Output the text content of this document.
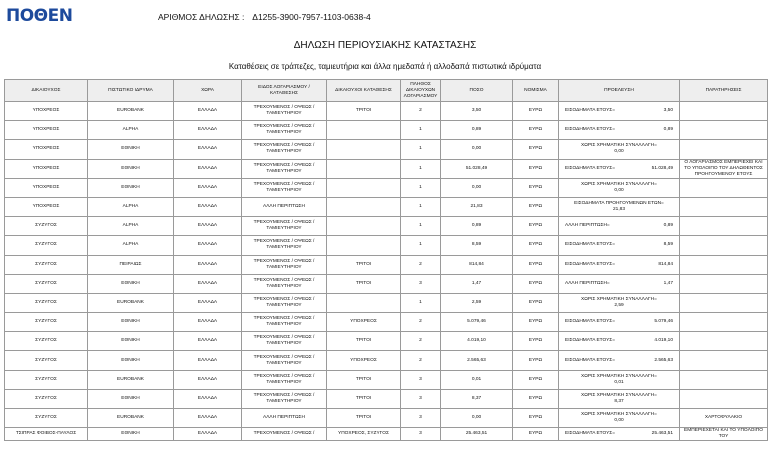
ΠΟΘΕΝ	ΑΡΙΘΜΟΣ ΔΗΛΩΣΗΣ : Δ1255-3900-7957-1103-0638-4
ΔΗΛΩΣΗ ΠΕΡΙΟΥΣΙΑΚΗΣ ΚΑΤΑΣΤΑΣΗΣ
Καταθέσεις σε τράπεζες, ταμιευτήρια και άλλα ημεδαπά ή αλλοδαπά πιστωτικά ιδρύματα
ΔΙΚΑΙΟΥΧΟΣ	ΠΙΣΤΩΤΙΚΟ ΙΔΡΥΜΑ	ΧΩΡΑ	ΕΙΔΟΣ ΛΟΓΑΡΙΑΣΜΟΥ / ΚΑΤΑΘΕΣΗΣ	ΔΙΚΑΙΟΥΧΟΙ ΚΑΤΑΘΕΣΗΣ	ΠΛΗΘΟΣ ΔΙΚΑΙΟΥΧΩΝ ΛΟΓΑΡΙΑΣΜΟΥ	ΠΟΣΟ	ΝΟΜΙΣΜΑ	ΠΡΟΕΛΕΥΣΗ	ΠΑΡΑΤΗΡΗΣΕΙΣ
ΥΠΟΧΡΕΟΣ	EUROBANK	ΕΛΛΑΔΑ	ΤΡΕΧΟΥΜΕΝΟΣ / ΟΨΕΩΣ / ΤΑΜΙΕΥΤΗΡΙΟΥ	ΤΡΙΤΟΙ	2	3,50	ΕΥΡΩ	ΕΙΣΟΔΗΜΑΤΑ ΕΤΟΥΣ= 3,50	

ΥΠΟΧΡΕΟΣ	ALPHA	ΕΛΛΑΔΑ	ΤΡΕΧΟΥΜΕΝΟΣ / ΟΨΕΩΣ / ΤΑΜΙΕΥΤΗΡΙΟΥ		1	0,89	ΕΥΡΩ	ΕΙΣΟΔΗΜΑΤΑ ΕΤΟΥΣ= 0,89	

ΥΠΟΧΡΕΟΣ	ΕΘΝΙΚΗ	ΕΛΛΑΔΑ	ΤΡΕΧΟΥΜΕΝΟΣ / ΟΨΕΩΣ / ΤΑΜΙΕΥΤΗΡΙΟΥ		1	0,00	ΕΥΡΩ	ΧΩΡΙΣ ΧΡΗΜΑΤΙΚΗ ΣΥΝΑΛΛΑΓΗ=
0,00	

ΥΠΟΧΡΕΟΣ	ΕΘΝΙΚΗ	ΕΛΛΑΔΑ	ΤΡΕΧΟΥΜΕΝΟΣ / ΟΨΕΩΣ / ΤΑΜΙΕΥΤΗΡΙΟΥ		1	51.028,49	ΕΥΡΩ	ΕΙΣΟΔΗΜΑΤΑ ΕΤΟΥΣ= 51.028,49	Ο ΛΟΓΑΡΙΑΣΜΟΣ ΕΜΠΕΡΙΕΧΕΙ ΚΑΙ ΤΟ ΥΠΟΛΟΙΠΟ ΤΟΥ ΔΗΛΩΘΕΝΤΟΣ ΠΡΟΗΓΟΥΜΕΝΟΥ ΕΤΟΥΣ
ΥΠΟΧΡΕΟΣ	ΕΘΝΙΚΗ	ΕΛΛΑΔΑ	ΤΡΕΧΟΥΜΕΝΟΣ / ΟΨΕΩΣ / ΤΑΜΙΕΥΤΗΡΙΟΥ		1	0,00	ΕΥΡΩ	ΧΩΡΙΣ ΧΡΗΜΑΤΙΚΗ ΣΥΝΑΛΛΑΓΗ=
0,00	

ΥΠΟΧΡΕΟΣ	ALPHA	ΕΛΛΑΔΑ	ΑΛΛΗ ΠΕΡΙΠΤΩΣΗ		1	21,83	ΕΥΡΩ	ΕΙΣΟΔΗΜΑΤΑ ΠΡΟΗΓΟΥΜΕΝΩΝ ΕΤΩΝ=
21,83	

ΣΥΖΥΓΟΣ	ALPHA	ΕΛΛΑΔΑ	ΤΡΕΧΟΥΜΕΝΟΣ / ΟΨΕΩΣ / ΤΑΜΙΕΥΤΗΡΙΟΥ		1	0,89	ΕΥΡΩ	ΑΛΛΗ ΠΕΡΙΠΤΩΣΗ= 0,89	

ΣΥΖΥΓΟΣ	ALPHA	ΕΛΛΑΔΑ	ΤΡΕΧΟΥΜΕΝΟΣ / ΟΨΕΩΣ / ΤΑΜΙΕΥΤΗΡΙΟΥ		1	8,59	ΕΥΡΩ	ΕΙΣΟΔΗΜΑΤΑ ΕΤΟΥΣ= 8,59	

ΣΥΖΥΓΟΣ	ΠΕΙΡΑΙΩΣ	ΕΛΛΑΔΑ	ΤΡΕΧΟΥΜΕΝΟΣ / ΟΨΕΩΣ / ΤΑΜΙΕΥΤΗΡΙΟΥ	ΤΡΙΤΟΙ	2	814,84	ΕΥΡΩ	ΕΙΣΟΔΗΜΑΤΑ ΕΤΟΥΣ= 814,84	

ΣΥΖΥΓΟΣ	ΕΘΝΙΚΗ	ΕΛΛΑΔΑ	ΤΡΕΧΟΥΜΕΝΟΣ / ΟΨΕΩΣ / ΤΑΜΙΕΥΤΗΡΙΟΥ	ΤΡΙΤΟΙ	3	1,47	ΕΥΡΩ	ΑΛΛΗ ΠΕΡΙΠΤΩΣΗ= 1,47	

ΣΥΖΥΓΟΣ	EUROBANK	ΕΛΛΑΔΑ	ΤΡΕΧΟΥΜΕΝΟΣ / ΟΨΕΩΣ / ΤΑΜΙΕΥΤΗΡΙΟΥ		1	2,59	ΕΥΡΩ	ΧΩΡΙΣ ΧΡΗΜΑΤΙΚΗ ΣΥΝΑΛΛΑΓΗ=
2,59	

ΣΥΖΥΓΟΣ	ΕΘΝΙΚΗ	ΕΛΛΑΔΑ	ΤΡΕΧΟΥΜΕΝΟΣ / ΟΨΕΩΣ / ΤΑΜΙΕΥΤΗΡΙΟΥ	ΥΠΟΧΡΕΟΣ	2	5.079,46	ΕΥΡΩ	ΕΙΣΟΔΗΜΑΤΑ ΕΤΟΥΣ= 5.079,46	

ΣΥΖΥΓΟΣ	ΕΘΝΙΚΗ	ΕΛΛΑΔΑ	ΤΡΕΧΟΥΜΕΝΟΣ / ΟΨΕΩΣ / ΤΑΜΙΕΥΤΗΡΙΟΥ	ΤΡΙΤΟΙ	2	4.019,10	ΕΥΡΩ	ΕΙΣΟΔΗΜΑΤΑ ΕΤΟΥΣ= 4.019,10	

ΣΥΖΥΓΟΣ	ΕΘΝΙΚΗ	ΕΛΛΑΔΑ	ΤΡΕΧΟΥΜΕΝΟΣ / ΟΨΕΩΣ / ΤΑΜΙΕΥΤΗΡΙΟΥ	ΥΠΟΧΡΕΟΣ	2	2.565,63	ΕΥΡΩ	ΕΙΣΟΔΗΜΑΤΑ ΕΤΟΥΣ= 2.565,63	

ΣΥΖΥΓΟΣ	EUROBANK	ΕΛΛΑΔΑ	ΤΡΕΧΟΥΜΕΝΟΣ / ΟΨΕΩΣ / ΤΑΜΙΕΥΤΗΡΙΟΥ	ΤΡΙΤΟΙ	3	0,01	ΕΥΡΩ	ΧΩΡΙΣ ΧΡΗΜΑΤΙΚΗ ΣΥΝΑΛΛΑΓΗ=
0,01	

ΣΥΖΥΓΟΣ	ΕΘΝΙΚΗ	ΕΛΛΑΔΑ	ΤΡΕΧΟΥΜΕΝΟΣ / ΟΨΕΩΣ / ΤΑΜΙΕΥΤΗΡΙΟΥ	ΤΡΙΤΟΙ	3	8,37	ΕΥΡΩ	ΧΩΡΙΣ ΧΡΗΜΑΤΙΚΗ ΣΥΝΑΛΛΑΓΗ=
8,37	

ΣΥΖΥΓΟΣ	EUROBANK	ΕΛΛΑΔΑ	ΑΛΛΗ ΠΕΡΙΠΤΩΣΗ	ΤΡΙΤΟΙ	3	0,00	ΕΥΡΩ	ΧΩΡΙΣ ΧΡΗΜΑΤΙΚΗ ΣΥΝΑΛΛΑΓΗ=
0,00	ΧΑΡΤΟΦΥΛΑΚΙΟ
ΤΣΙΠΡΑΣ ΦΟΙΒΟΣ-ΠΑΥΛΟΣ	ΕΘΝΙΚΗ	ΕΛΛΑΔΑ	ΤΡΕΧΟΥΜΕΝΟΣ / ΟΨΕΩΣ /	ΥΠΟΧΡΕΟΣ, ΣΥΖΥΓΟΣ	3	25.463,51	ΕΥΡΩ	ΕΙΣΟΔΗΜΑΤΑ ΕΤΟΥΣ= 25.463,51	ΕΜΠΕΡΙΕΧΕΤΑΙ ΚΑΙ ΤΟ ΥΠΟΛΟΙΠΟ ΤΟΥ
